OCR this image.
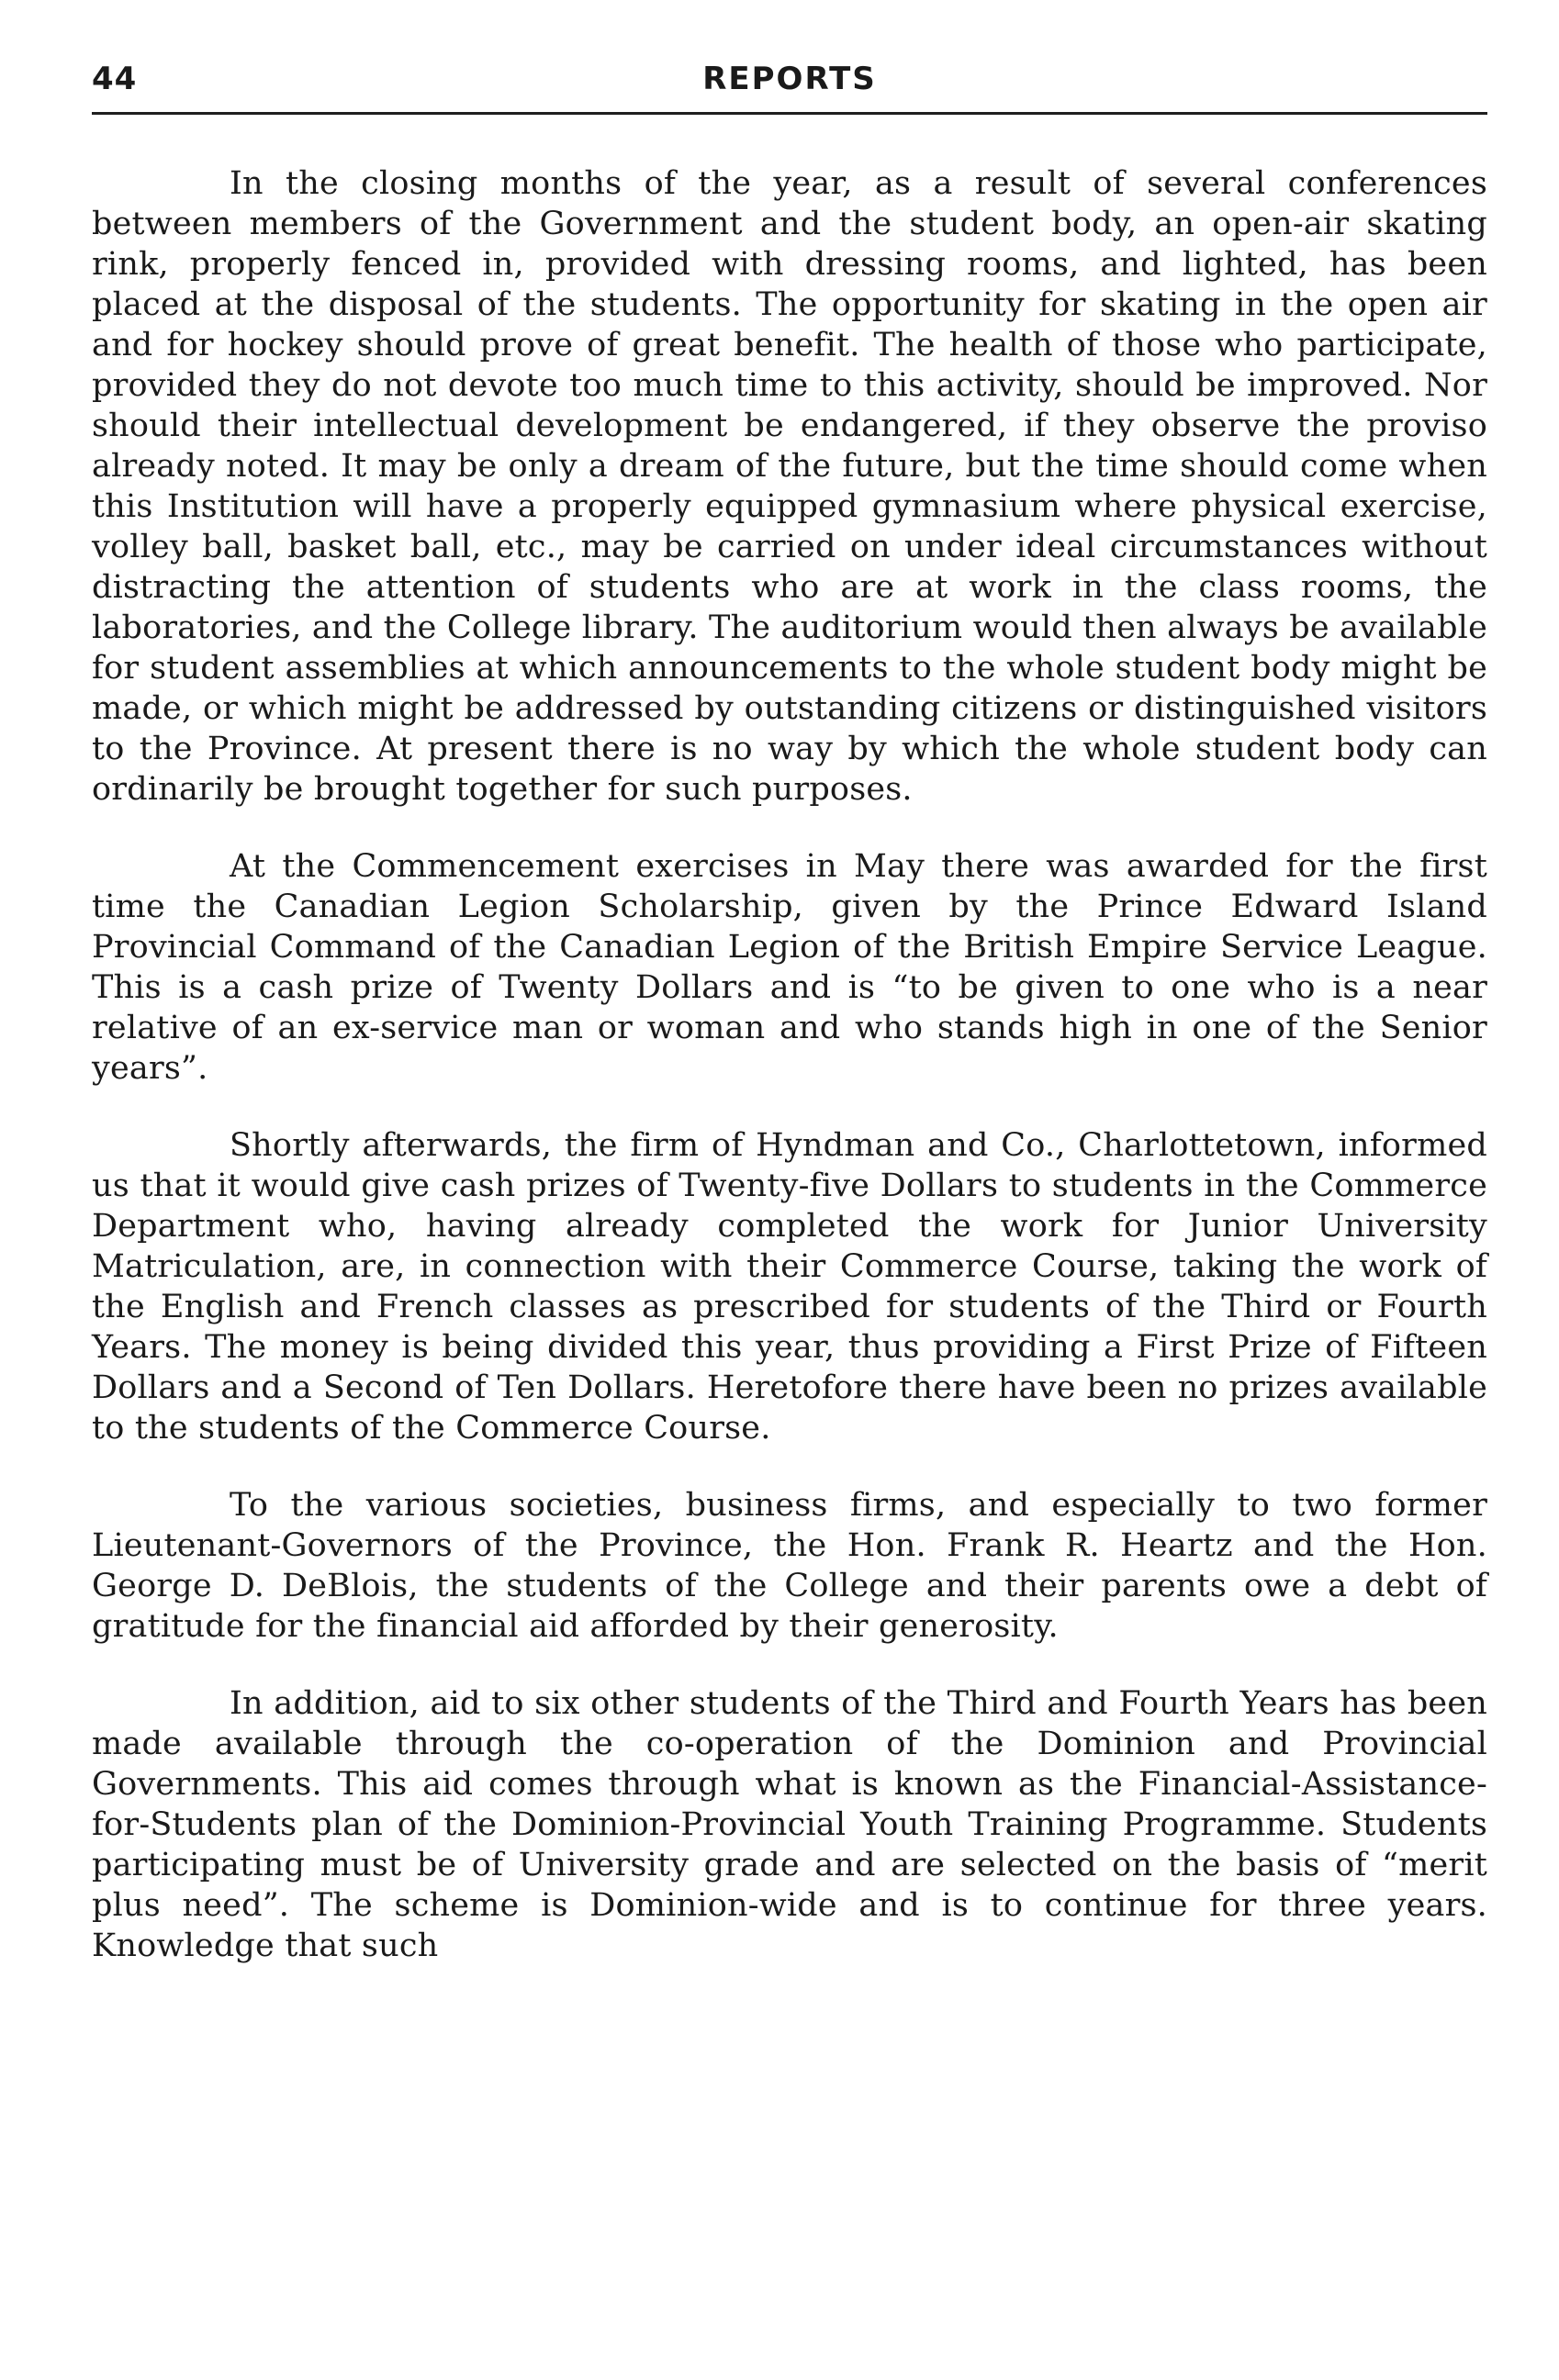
44	REPORTS

In the closing months of the year, as a result of several conferences between members of the Government and the student body, an open-air skating rink, properly fenced in, provided with dressing rooms, and lighted, has been placed at the disposal of the students. The opportunity for skating in the open air and for hockey should prove of great benefit. The health of those who participate, provided they do not devote too much time to this activity, should be improved. Nor should their intellectual development be endangered, if they observe the proviso already noted. It may be only a dream of the future, but the time should come when this Institution will have a properly equipped gymnasium where physical exercise, volley ball, basket ball, etc., may be carried on under ideal circumstances without distracting the attention of students who are at work in the class rooms, the laboratories, and the College library. The auditorium would then always be available for student assemblies at which announcements to the whole student body might be made, or which might be addressed by outstanding citizens or distinguished visitors to the Province. At present there is no way by which the whole student body can ordinarily be brought together for such purposes.

At the Commencement exercises in May there was awarded for the first time the Canadian Legion Scholarship, given by the Prince Edward Island Provincial Command of the Canadian Legion of the British Empire Service League. This is a cash prize of Twenty Dollars and is “to be given to one who is a near relative of an ex-service man or woman and who stands high in one of the Senior years”.

Shortly afterwards, the firm of Hyndman and Co., Charlottetown, informed us that it would give cash prizes of Twenty-five Dollars to students in the Commerce Department who, having already completed the work for Junior University Matriculation, are, in connection with their Commerce Course, taking the work of the English and French classes as prescribed for students of the Third or Fourth Years. The money is being divided this year, thus providing a First Prize of Fifteen Dollars and a Second of Ten Dollars. Heretofore there have been no prizes available to the students of the Commerce Course.

To the various societies, business firms, and especially to two former Lieutenant-Governors of the Province, the Hon. Frank R. Heartz and the Hon. George D. DeBlois, the students of the College and their parents owe a debt of gratitude for the financial aid afforded by their generosity.

In addition, aid to six other students of the Third and Fourth Years has been made available through the co-operation of the Dominion and Provincial Governments. This aid comes through what is known as the Financial-Assistance-for-Students plan of the Dominion-Provincial Youth Training Programme. Students participating must be of University grade and are selected on the basis of “merit plus need”. The scheme is Dominion-wide and is to continue for three years. Knowledge that such
